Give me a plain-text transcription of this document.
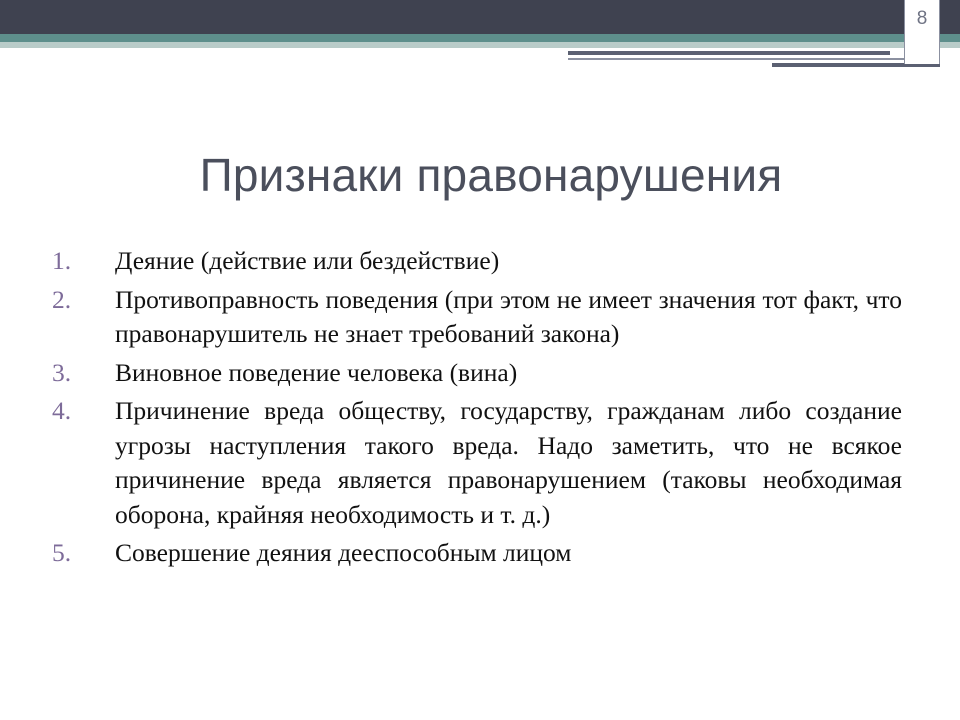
8
Признаки правонарушения
1. Деяние (действие или бездействие)
2. Противоправность поведения (при этом не имеет значения тот факт, что правонарушитель не знает требований закона)
3. Виновное поведение человека (вина)
4. Причинение вреда обществу, государству, гражданам либо создание угрозы наступления такого вреда. Надо заметить, что не всякое причинение вреда является правонарушением (таковы необходимая оборона, крайняя необходимость и т. д.)
5. Совершение деяния дееспособным лицом
